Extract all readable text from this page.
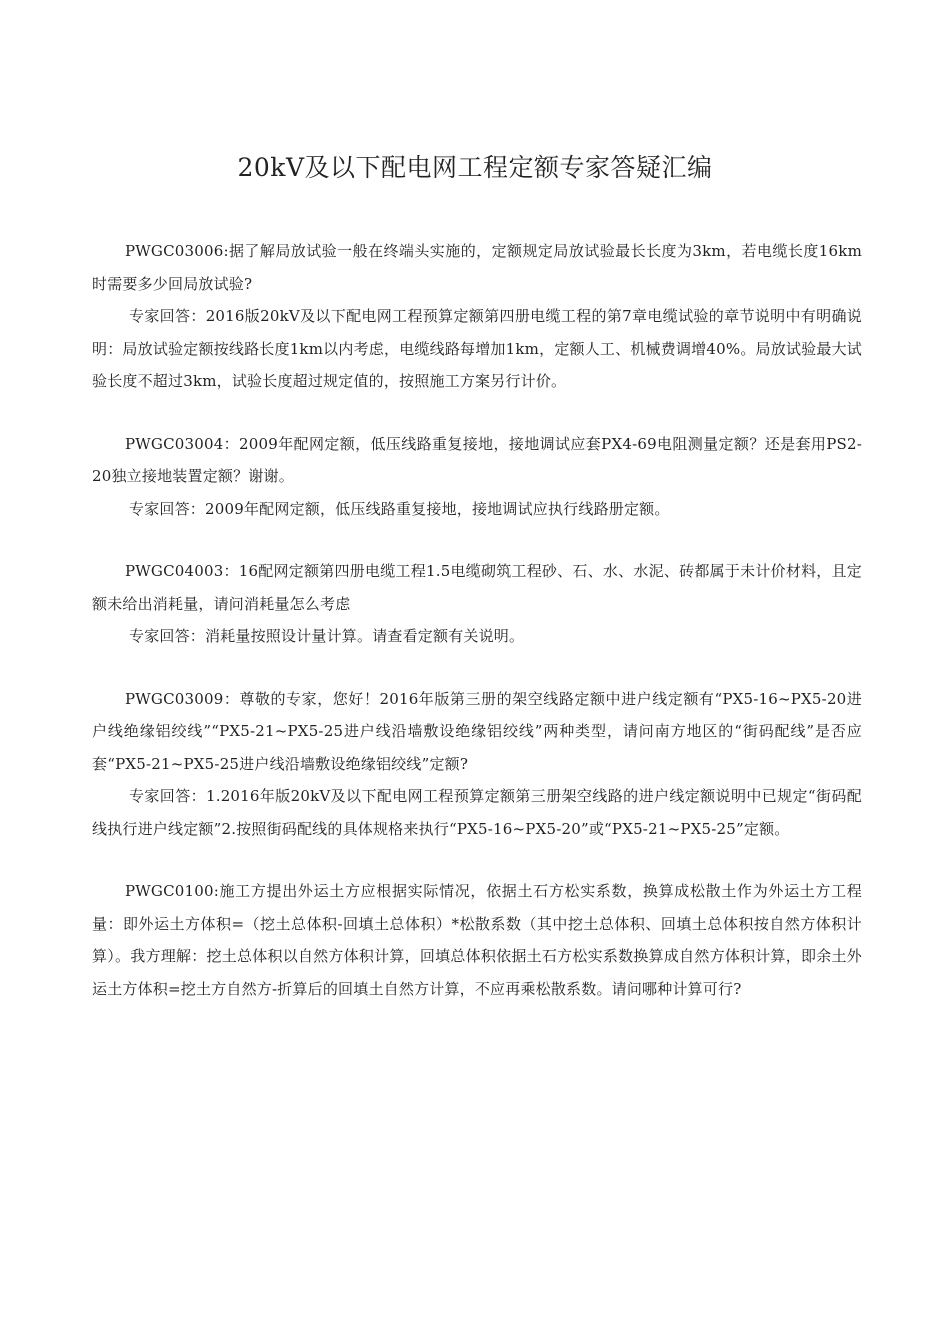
20kV及以下配电网工程定额专家答疑汇编

PWGC03006:据了解局放试验一般在终端头实施的，定额规定局放试验最长长度为3km，若电缆长度16km时需要多少回局放试验?

专家回答：2016版20kV及以下配电网工程预算定额第四册电缆工程的第7章电缆试验的章节说明中有明确说明：局放试验定额按线路长度1km以内考虑，电缆线路每增加1km，定额人工、机械费调增40%。局放试验最大试验长度不超过3km，试验长度超过规定值的，按照施工方案另行计价。

PWGC03004：2009年配网定额，低压线路重复接地，接地调试应套PX4-69电阻测量定额？还是套用PS2-20独立接地装置定额？谢谢。

专家回答：2009年配网定额，低压线路重复接地，接地调试应执行线路册定额。

PWGC04003：16配网定额第四册电缆工程1.5电缆砌筑工程砂、石、水、水泥、砖都属于未计价材料，且定额未给出消耗量，请问消耗量怎么考虑

专家回答：消耗量按照设计量计算。请查看定额有关说明。

PWGC03009：尊敬的专家，您好！2016年版第三册的架空线路定额中进户线定额有“PX5-16~PX5-20进户线绝缘铝绞线”“PX5-21~PX5-25进户线沿墙敷设绝缘铝绞线”两种类型，请问南方地区的“街码配线”是否应套“PX5-21~PX5-25进户线沿墙敷设绝缘铝绞线”定额?

专家回答：1.2016年版20kV及以下配电网工程预算定额第三册架空线路的进户线定额说明中已规定“街码配线执行进户线定额”2.按照街码配线的具体规格来执行“PX5-16~PX5-20”或“PX5-21~PX5-25”定额。

PWGC0100:施工方提出外运土方应根据实际情况，依据土石方松实系数，换算成松散土作为外运土方工程量：即外运土方体积=（挖土总体积-回填土总体积）*松散系数（其中挖土总体积、回填土总体积按自然方体积计算）。我方理解：挖土总体积以自然方体积计算，回填总体积依据土石方松实系数换算成自然方体积计算，即余土外运土方体积=挖土方自然方-折算后的回填土自然方计算，不应再乘松散系数。请问哪种计算可行?
